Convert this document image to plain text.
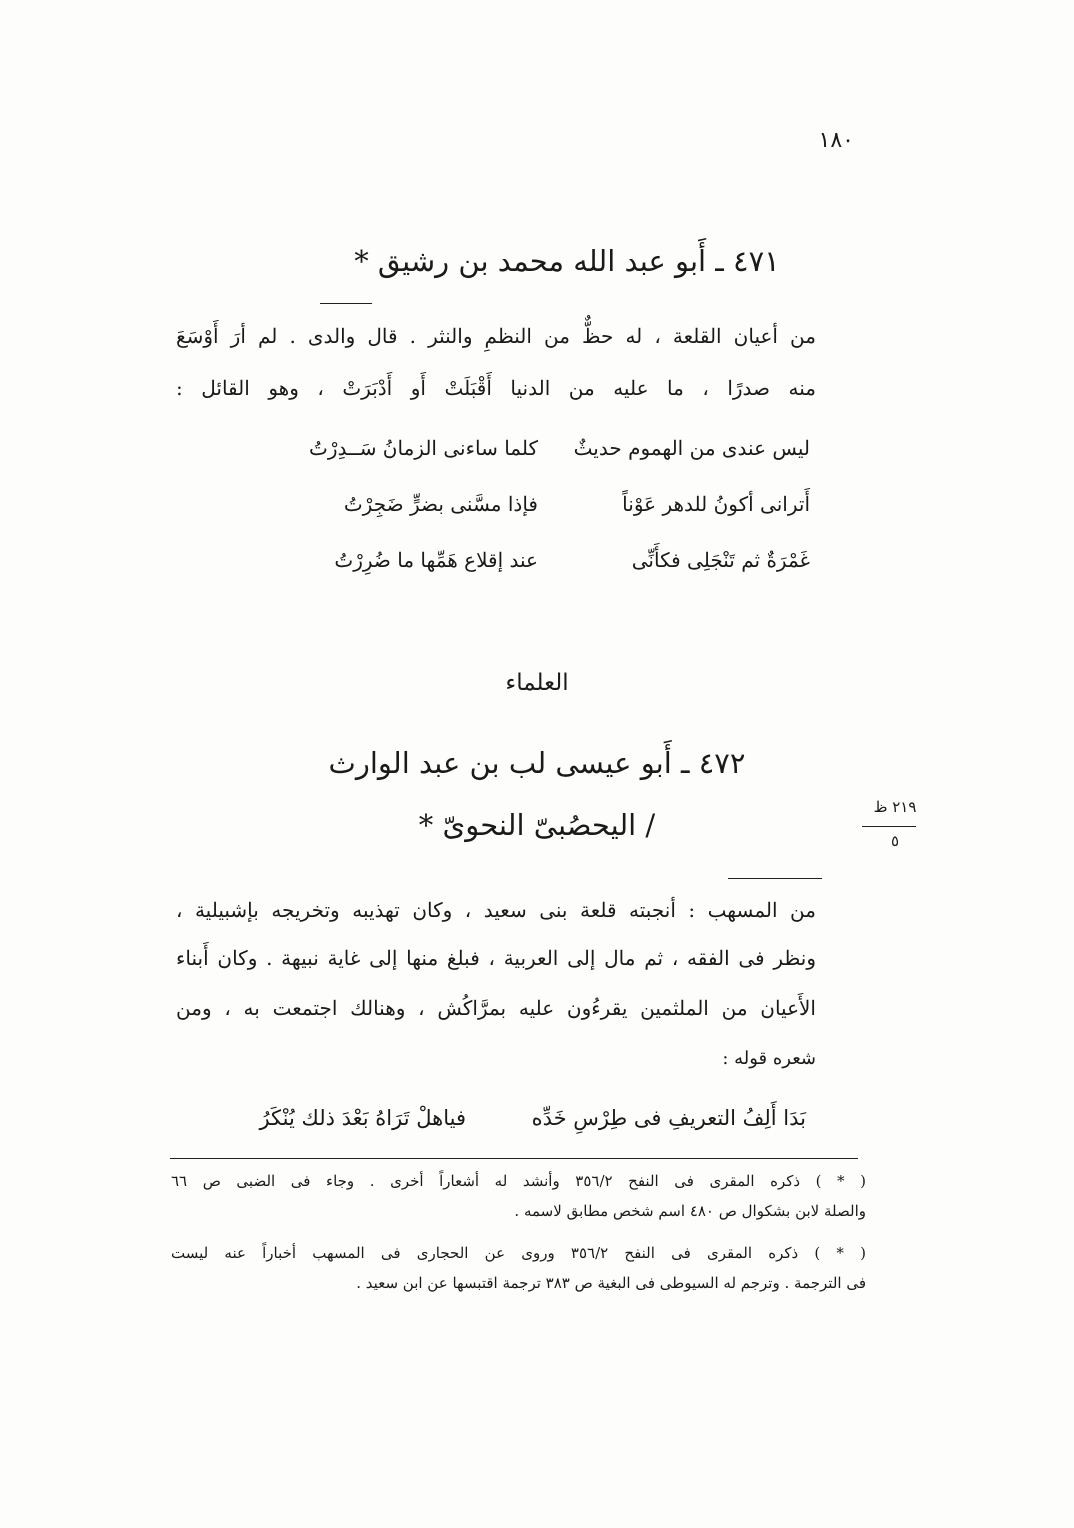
١٨٠
٤٧١ ـ أَبو عبد الله محمد بن رشيق *
من أعيان القلعة ، له حظٌّ من النظمِ والنثر . قال والدى . لم أرَ أَوْسَعَ
منه صدرًا ، ما عليه من الدنيا أَقْبَلَتْ أَو أَدْبَرَتْ ، وهو القائل :
ليس عندى من الهموم حديثٌ
كلما ساءنى الزمانُ سَــدِرْتُ
أَترانى أكونُ للدهر عَوْناً
فإذا مسَّنى بضرٍّ ضَجِرْتُ
غَمْرَةٌ ثم تَنْجَلِى فكأَنِّى
عند إقلاع هَمِّها ما ضُرِرْتُ
العلماء
٤٧٢ ـ أَبو عيسى لب بن عبد الوارث
/ اليحصُبىّ النحوىّ *
٢١٩ ظ
٥
من المسهب : أنجبته قلعة بنى سعيد ، وكان تهذيبه وتخريجه بإشبيلية ،
ونظر فى الفقه ، ثم مال إلى العربية ، فبلغ منها إلى غاية نبيهة . وكان أَبناء
الأَعيان من الملثمين يقرءُون عليه بمرَّاكُش ، وهنالك اجتمعت به ، ومن
شعره قوله :
بَدَا أَلِفُ التعريفِ فى طِرْسِ خَدِّه
فياهلْ تَرَاهُ بَعْدَ ذلك يُنْكَرُ
( * ) ذكره المقرى فى النفح ٣٥٦/٢ وأنشد له أشعاراً أخرى . وجاء فى الضبى ص ٦٦
والصلة لابن بشكوال ص ٤٨٠ اسم شخص مطابق لاسمه .
( * ) ذكره المقرى فى النفح ٣٥٦/٢ وروى عن الحجارى فى المسهب أخباراً عنه ليست
فى الترجمة . وترجم له السيوطى فى البغية ص ٣٨٣ ترجمة اقتبسها عن ابن سعيد .
